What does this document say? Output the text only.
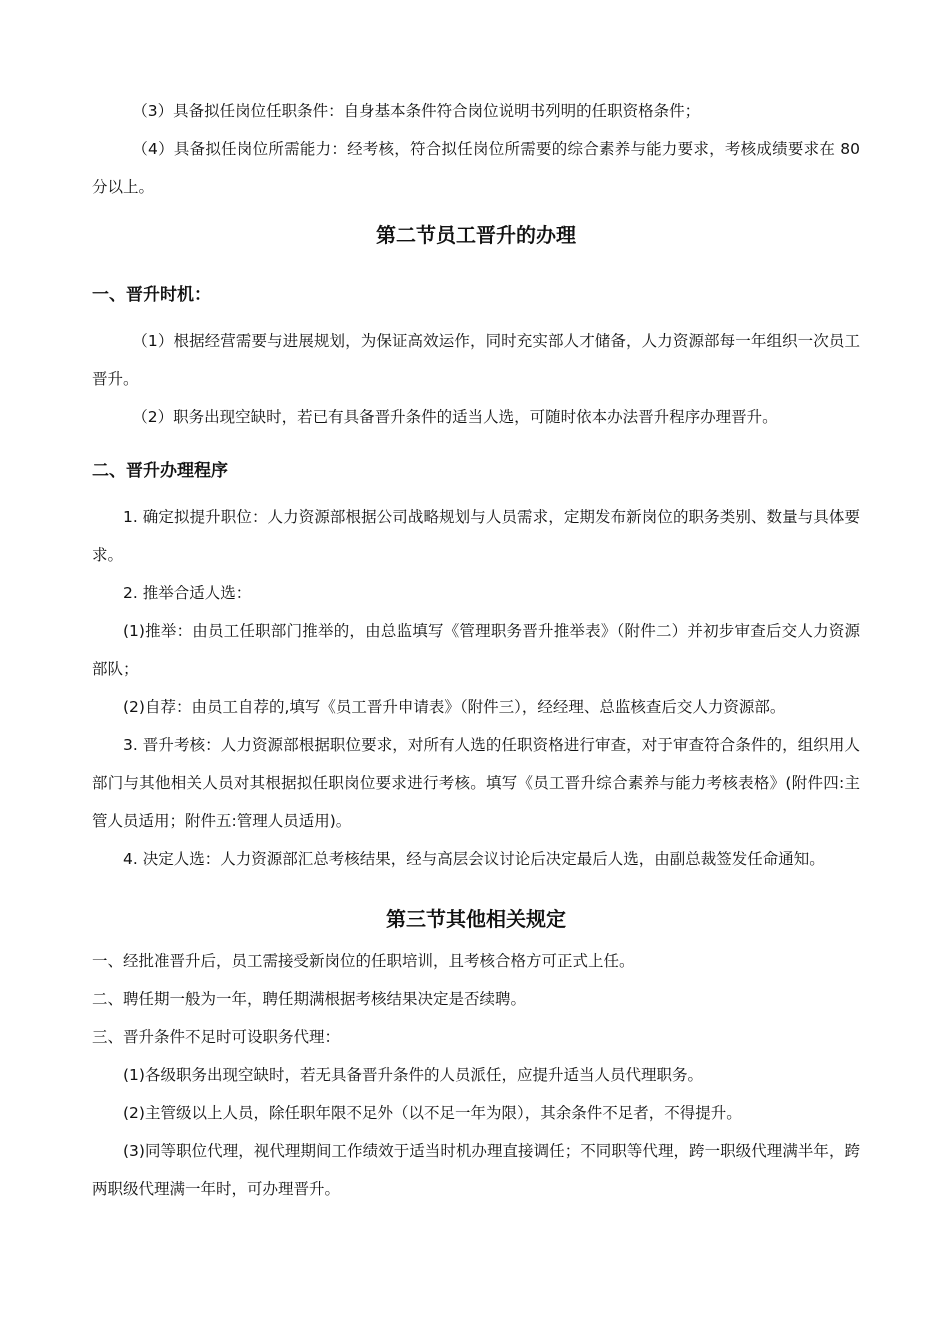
（3）具备拟任岗位任职条件：自身基本条件符合岗位说明书列明的任职资格条件；

（4）具备拟任岗位所需能力：经考核，符合拟任岗位所需要的综合素养与能力要求，考核成绩要求在 80 分以上。

第二节员工晋升的办理
一、晋升时机：

（1）根据经营需要与进展规划，为保证高效运作，同时充实部人才储备，人力资源部每一年组织一次员工晋升。

（2）职务出现空缺时，若已有具备晋升条件的适当人选，可随时依本办法晋升程序办理晋升。

二、晋升办理程序

1. 确定拟提升职位：人力资源部根据公司战略规划与人员需求，定期发布新岗位的职务类别、数量与具体要求。

2. 推举合适人选：

(1)推举：由员工任职部门推举的，由总监填写《管理职务晋升推举表》（附件二）并初步审查后交人力资源部队；

(2)自荐：由员工自荐的,填写《员工晋升申请表》（附件三），经经理、总监核查后交人力资源部。

3. 晋升考核：人力资源部根据职位要求，对所有人选的任职资格进行审查，对于审查符合条件的，组织用人部门与其他相关人员对其根据拟任职岗位要求进行考核。填写《员工晋升综合素养与能力考核表格》(附件四:主管人员适用；附件五:管理人员适用)。

4. 决定人选：人力资源部汇总考核结果，经与高层会议讨论后决定最后人选，由副总裁签发任命通知。

第三节其他相关规定

一、经批准晋升后，员工需接受新岗位的任职培训，且考核合格方可正式上任。

二、聘任期一般为一年，聘任期满根据考核结果决定是否续聘。

三、晋升条件不足时可设职务代理：

(1)各级职务出现空缺时，若无具备晋升条件的人员派任，应提升适当人员代理职务。

(2)主管级以上人员，除任职年限不足外（以不足一年为限），其余条件不足者，不得提升。

(3)同等职位代理，视代理期间工作绩效于适当时机办理直接调任；不同职等代理，跨一职级代理满半年，跨两职级代理满一年时，可办理晋升。
